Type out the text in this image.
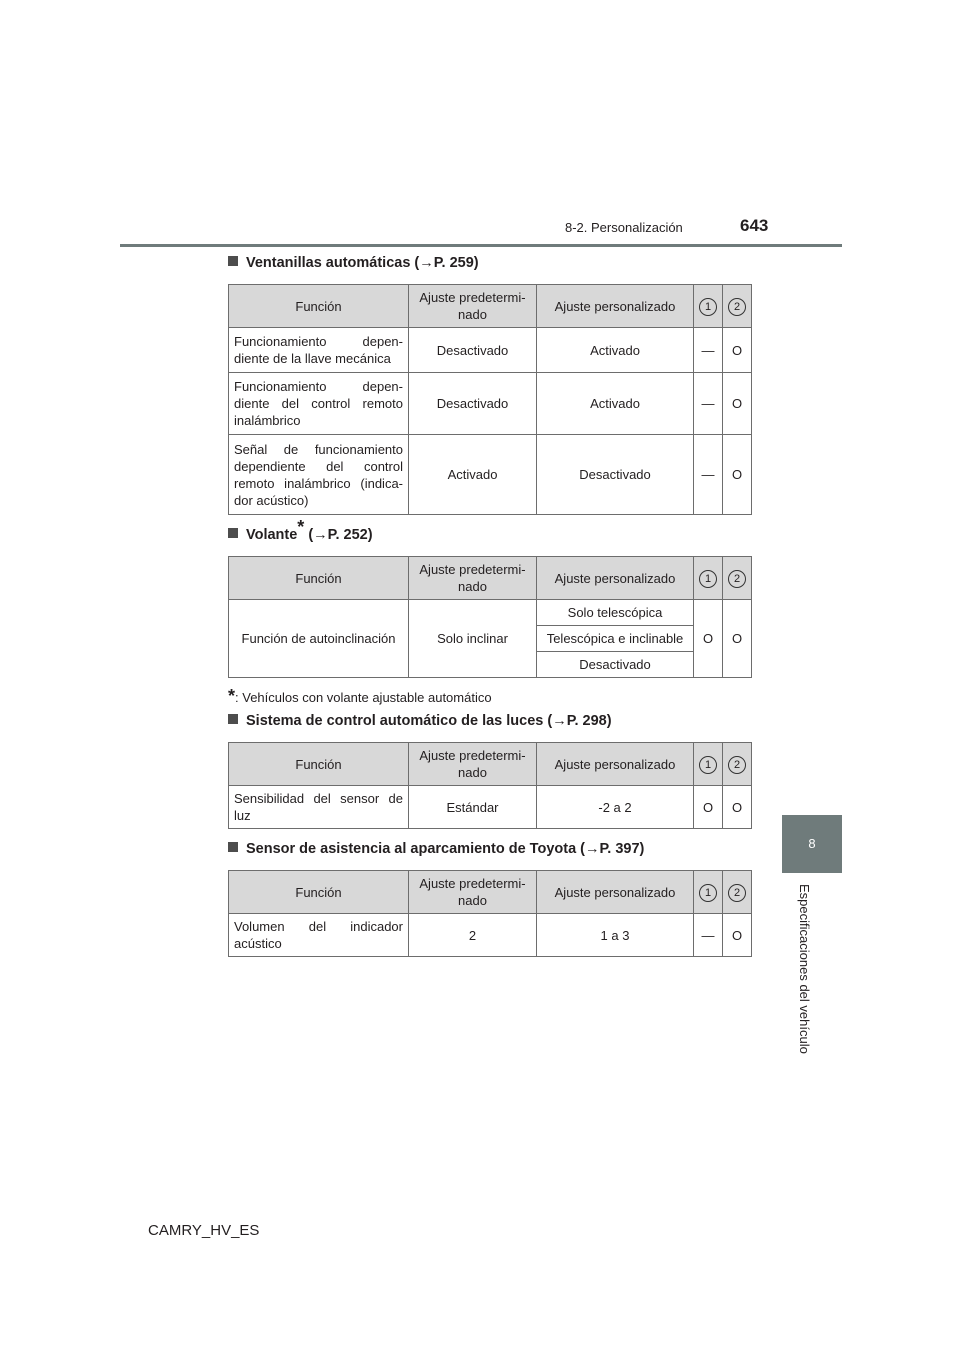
8-2. Personalización	643
8
Especificaciones del vehículo
Ventanillas automáticas (→P. 259)
Función	Ajuste predetermi-nado	Ajuste personalizado	1	2
Funcionamiento depen-diente de la llave mecánica	Desactivado	Activado	—	O
Funcionamiento depen-diente del control remoto inalámbrico	Desactivado	Activado	—	O
Señal de funcionamiento dependiente del control remoto inalámbrico (indica-dor acústico)	Activado	Desactivado	—	O
Volante* (→P. 252)
Función	Ajuste predetermi-nado	Ajuste personalizado	1	2
Función de autoinclinación	Solo inclinar	Solo telescópica	O	O
		Telescópica e inclinable		
		Desactivado		
*: Vehículos con volante ajustable automático
Sistema de control automático de las luces (→P. 298)
Función	Ajuste predetermi-nado	Ajuste personalizado	1	2
Sensibilidad del sensor de luz	Estándar	-2 a 2	O	O
Sensor de asistencia al aparcamiento de Toyota (→P. 397)
Función	Ajuste predetermi-nado	Ajuste personalizado	1	2
Volumen del indicador acústico	2	1 a 3	—	O
CAMRY_HV_ES
